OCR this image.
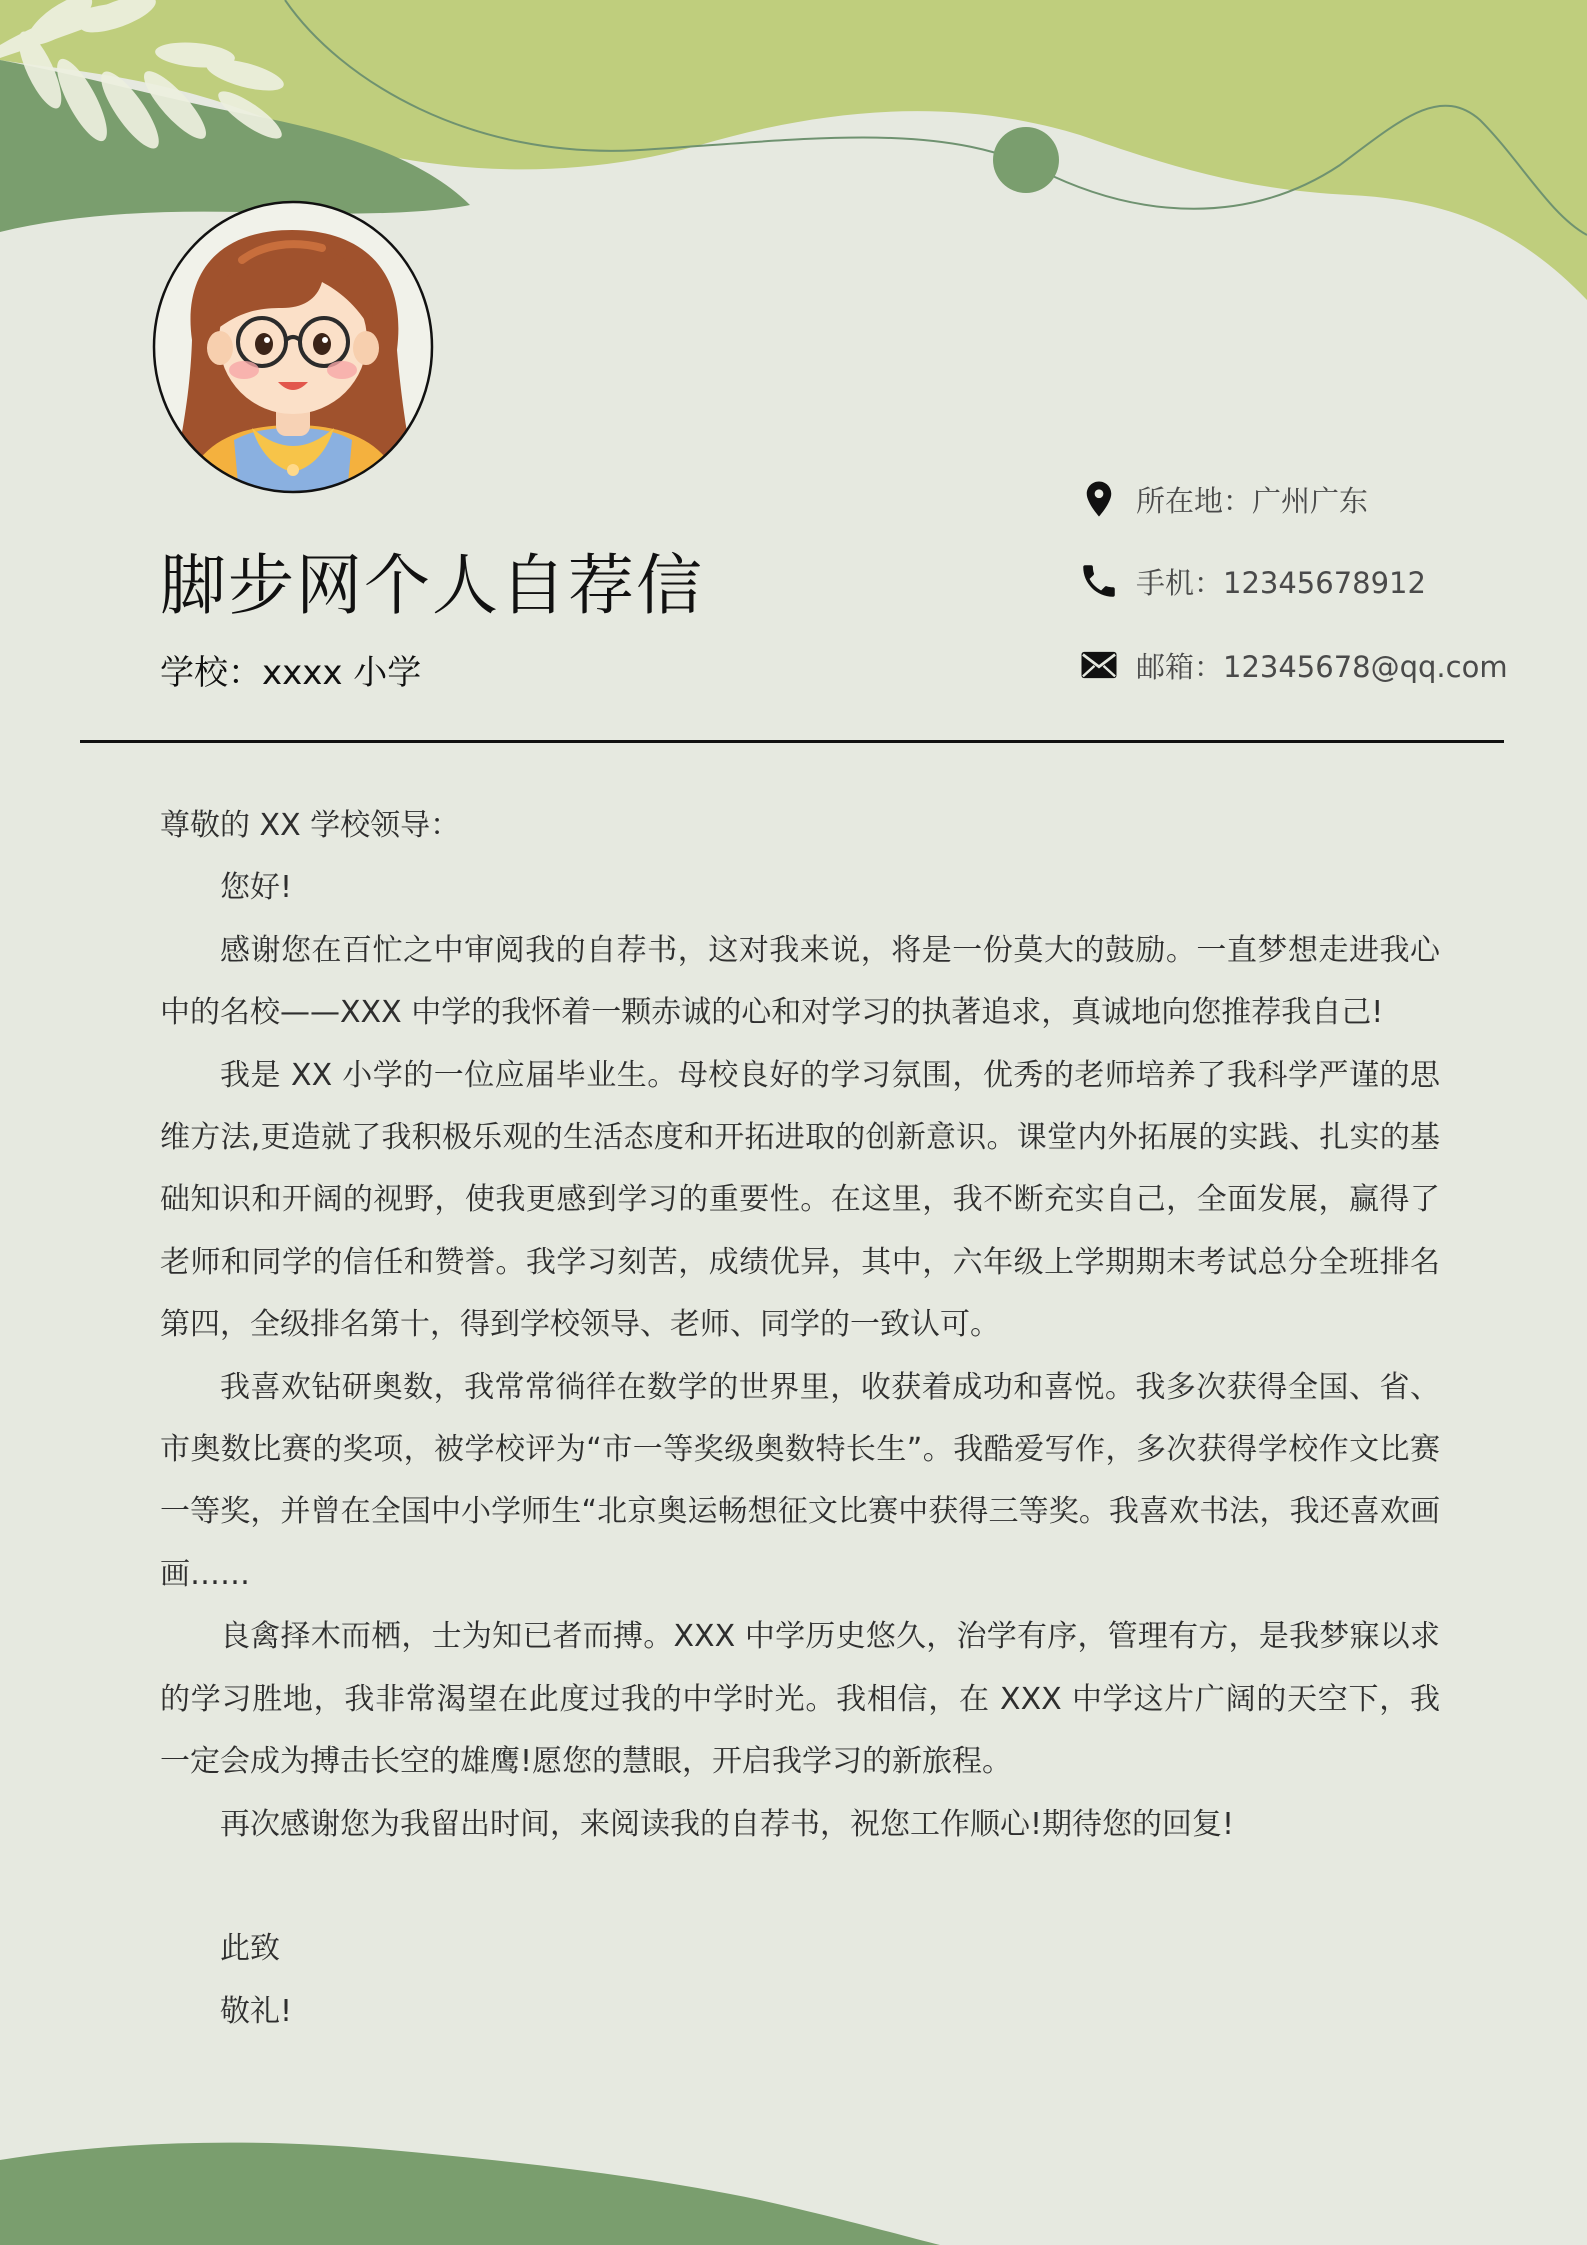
脚步网个人自荐信
学校：xxxx 小学
所在地：广州广东
手机：12345678912
邮箱：12345678@qq.com

尊敬的 XX 学校领导：

您好!

感谢您在百忙之中审阅我的自荐书，这对我来说，将是一份莫大的鼓励。一直梦想走进我心中的名校——XXX 中学的我怀着一颗赤诚的心和对学习的执著追求，真诚地向您推荐我自己!

我是 XX 小学的一位应届毕业生。母校良好的学习氛围，优秀的老师培养了我科学严谨的思维方法,更造就了我积极乐观的生活态度和开拓进取的创新意识。课堂内外拓展的实践、扎实的基础知识和开阔的视野，使我更感到学习的重要性。在这里，我不断充实自己，全面发展，赢得了老师和同学的信任和赞誉。我学习刻苦，成绩优异，其中，六年级上学期期末考试总分全班排名第四，全级排名第十，得到学校领导、老师、同学的一致认可。

我喜欢钻研奥数，我常常徜徉在数学的世界里，收获着成功和喜悦。我多次获得全国、省、市奥数比赛的奖项，被学校评为“市一等奖级奥数特长生”。我酷爱写作，多次获得学校作文比赛一等奖，并曾在全国中小学师生“北京奥运畅想征文比赛中获得三等奖。我喜欢书法，我还喜欢画画……

良禽择木而栖，士为知已者而搏。XXX 中学历史悠久，治学有序，管理有方，是我梦寐以求的学习胜地，我非常渴望在此度过我的中学时光。我相信，在 XXX 中学这片广阔的天空下，我一定会成为搏击长空的雄鹰!愿您的慧眼，开启我学习的新旅程。

再次感谢您为我留出时间，来阅读我的自荐书，祝您工作顺心!期待您的回复!

此致

敬礼!
